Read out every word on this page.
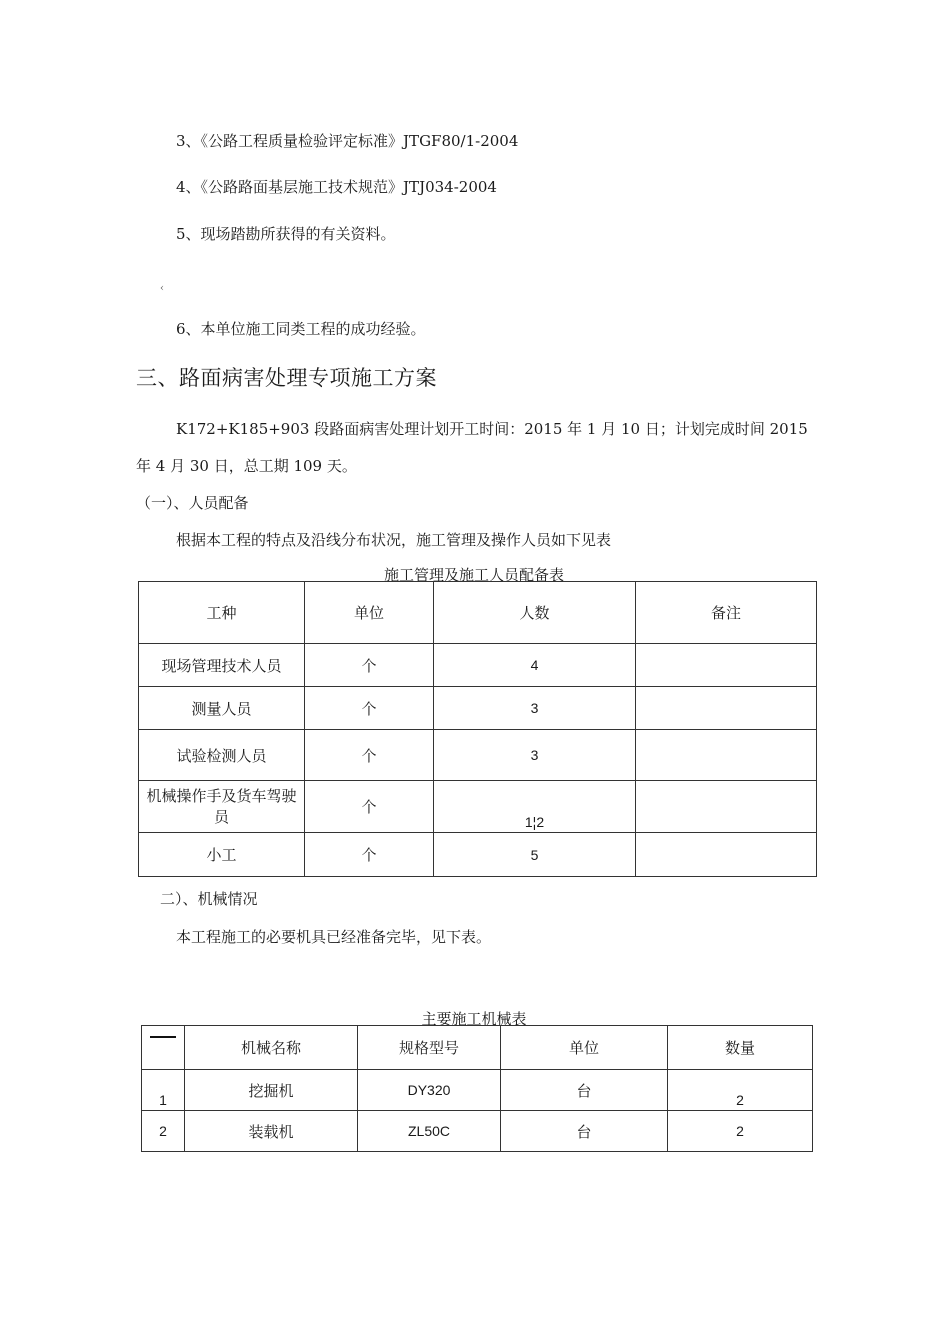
3、《公路工程质量检验评定标准》JTGF80/1-2004
4、《公路路面基层施工技术规范》JTJ034-2004
5、现场踏勘所获得的有关资料。
‹
6、本单位施工同类工程的成功经验。
三、路面病害处理专项施工方案
K172+K185+903 段路面病害处理计划开工时间：2015 年 1 月 10 日；计划完成时间 2015
年 4 月 30 日，总工期 109 天。
（一）、人员配备
根据本工程的特点及沿线分布状况，施工管理及操作人员如下见表
施工管理及施工人员配备表
工种	单位	人数	备注
现场管理技术人员	个	4	
测量人员	个	3	
试验检测人员	个	3	
机械操作手及货车驾驶员	个	1¦2	
小工	个	5	
二）、机械情况
本工程施工的必要机具已经准备完毕，见下表。
主要施工机械表
	机械名称	规格型号	单位	数量
1	挖掘机	DY320	台	2
2	装载机	ZL50C	台	2
